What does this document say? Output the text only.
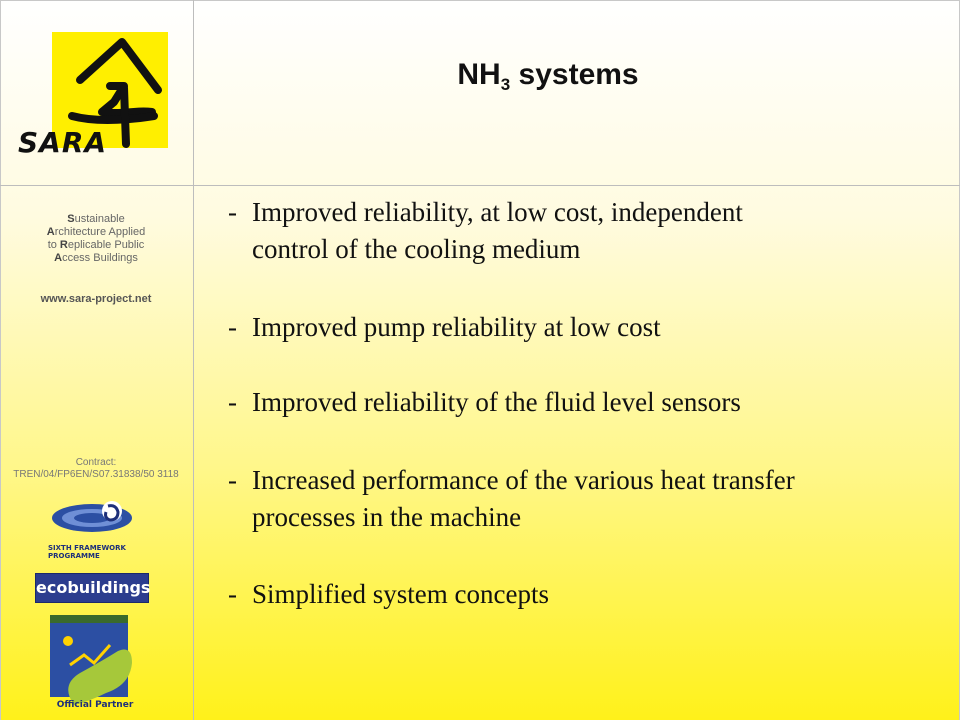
SARA
Sustainable
Architecture Applied
to Replicable Public
Access Buildings
www.sara-project.net
Contract: TREN/04/FP6EN/S07.31838/50 3118
SIXTH FRAMEWORK
PROGRAMME
ecobuildings
Official Partner
$NH_3$ systems
- Improved reliability, at low cost, independent
control of the cooling medium
- Improved pump reliability at low cost
- Improved reliability of the fluid level sensors
- Increased performance of the various heat transfer
processes in the machine
- Simplified system concepts
